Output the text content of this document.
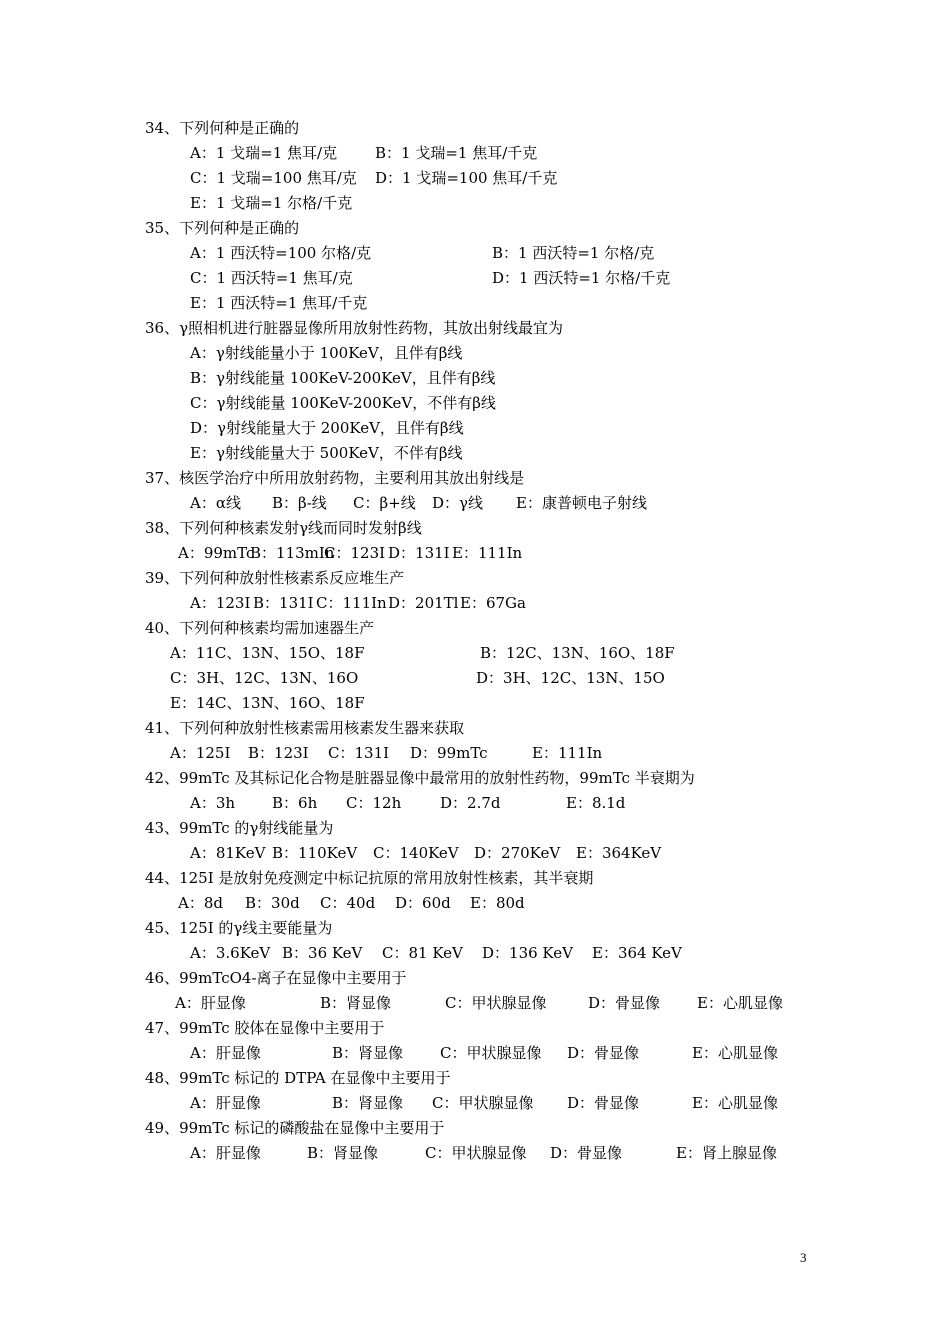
34、下列何种是正确的
A：1 戈瑞=1 焦耳/克	B：1 戈瑞=1 焦耳/千克
C：1 戈瑞=100 焦耳/克 D：1 戈瑞=100 焦耳/千克
E：1 戈瑞=1 尔格/千克
35、下列何种是正确的
A：1 西沃特=100 尔格/克	B：1 西沃特=1 尔格/克
C：1 西沃特=1 焦耳/克	D：1 西沃特=1 尔格/千克
E：1 西沃特=1 焦耳/千克
36、γ照相机进行脏器显像所用放射性药物，其放出射线最宜为
A：γ射线能量小于 100KeV，且伴有β线
B：γ射线能量 100KeV-200KeV，且伴有β线
C：γ射线能量 100KeV-200KeV，不伴有β线
D：γ射线能量大于 200KeV，且伴有β线
E：γ射线能量大于 500KeV，不伴有β线
37、核医学治疗中所用放射药物，主要利用其放出射线是
A：α线 B：β-线 C：β+线 D：γ线 E：康普顿电子射线
38、下列何种核素发射γ线而同时发射β线
A：99mTc
B：113mIn
C：123I D：131I E：111In
39、下列何种放射性核素系反应堆生产
A：123I B：131I C：111In D：201Tl E：67Ga
40、下列何种核素均需加速器生产
A：11C、13N、15O、18F	B：12C、13N、16O、18F
C：3H、12C、13N、16O	D：3H、12C、13N、15O
E：14C、13N、16O、18F
41、下列何种放射性核素需用核素发生器来获取
A：125I B：123I C：131I D：99mTc	E：111In
42、99mTc 及其标记化合物是脏器显像中最常用的放射性药物，99mTc 半衰期为
A：3h B：6h C：12h	D：2.7d	E：8.1d
43、99mTc 的γ射线能量为
A：81KeV B：110KeV C：140KeV D：270KeV E：364KeV
44、125I 是放射免疫测定中标记抗原的常用放射性核素，其半衰期
A：8d B：30d C：40d D：60d E：80d
45、125I 的γ线主要能量为
A：3.6KeV B：36 KeV C：81 KeV D：136 KeV E：364 KeV
46、99mTcO4-离子在显像中主要用于
A：肝显像	B：肾显像	C：甲状腺显像	D：骨显像 E：心肌显像
47、99mTc 胶体在显像中主要用于
A：肝显像	B：肾显像 C：甲状腺显像 D：骨显像	E：心肌显像
48、99mTc 标记的 DTPA 在显像中主要用于
A：肝显像	B：肾显像 C：甲状腺显像 D：骨显像	E：心肌显像
49、99mTc 标记的磷酸盐在显像中主要用于
A：肝显像	B：肾显像	C：甲状腺显像 D：骨显像	E：肾上腺显像
3
